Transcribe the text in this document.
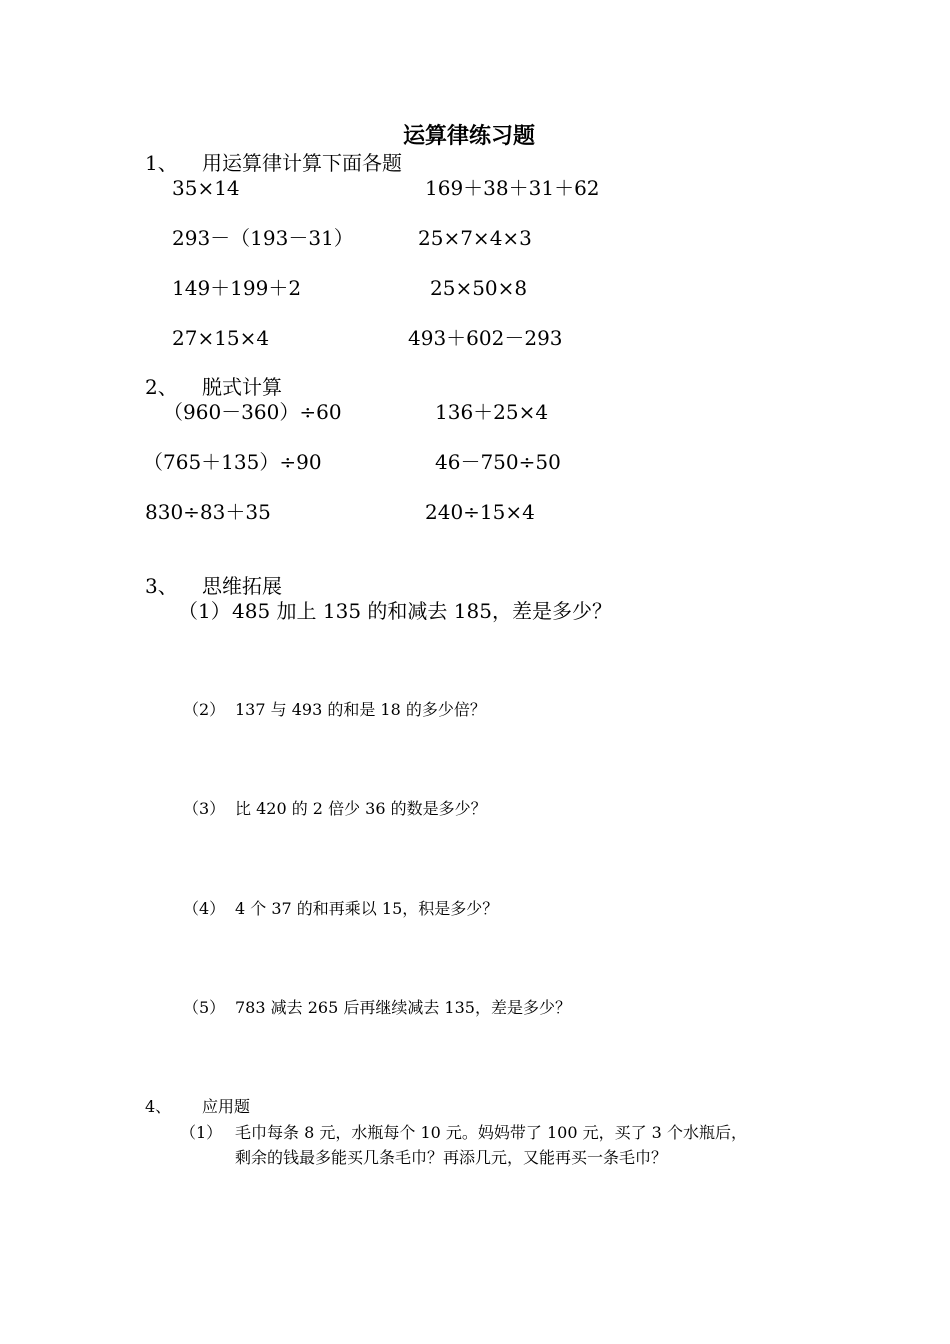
运算律练习题
1、 用运算律计算下面各题
35×14	169＋38＋31＋62
293－（193－31）	25×7×4×3
149＋199＋2	25×50×8
27×15×4	493＋602－293
2、 脱式计算
（960－360）÷60	136＋25×4
（765＋135）÷90	46－750÷50
830÷83＋35	240÷15×4
3、 思维拓展
（1） 485 加上 135 的和减去 185，差是多少？
（2） 137 与 493 的和是 18 的多少倍？
（3） 比 420 的 2 倍少 36 的数是多少？
（4） 4 个 37 的和再乘以 15，积是多少？
（5） 783 减去 265 后再继续减去 135，差是多少？
4、 应用题
（1） 毛巾每条 8 元，水瓶每个 10 元。妈妈带了 100 元，买了 3 个水瓶后，
剩余的钱最多能买几条毛巾？再添几元，又能再买一条毛巾？
